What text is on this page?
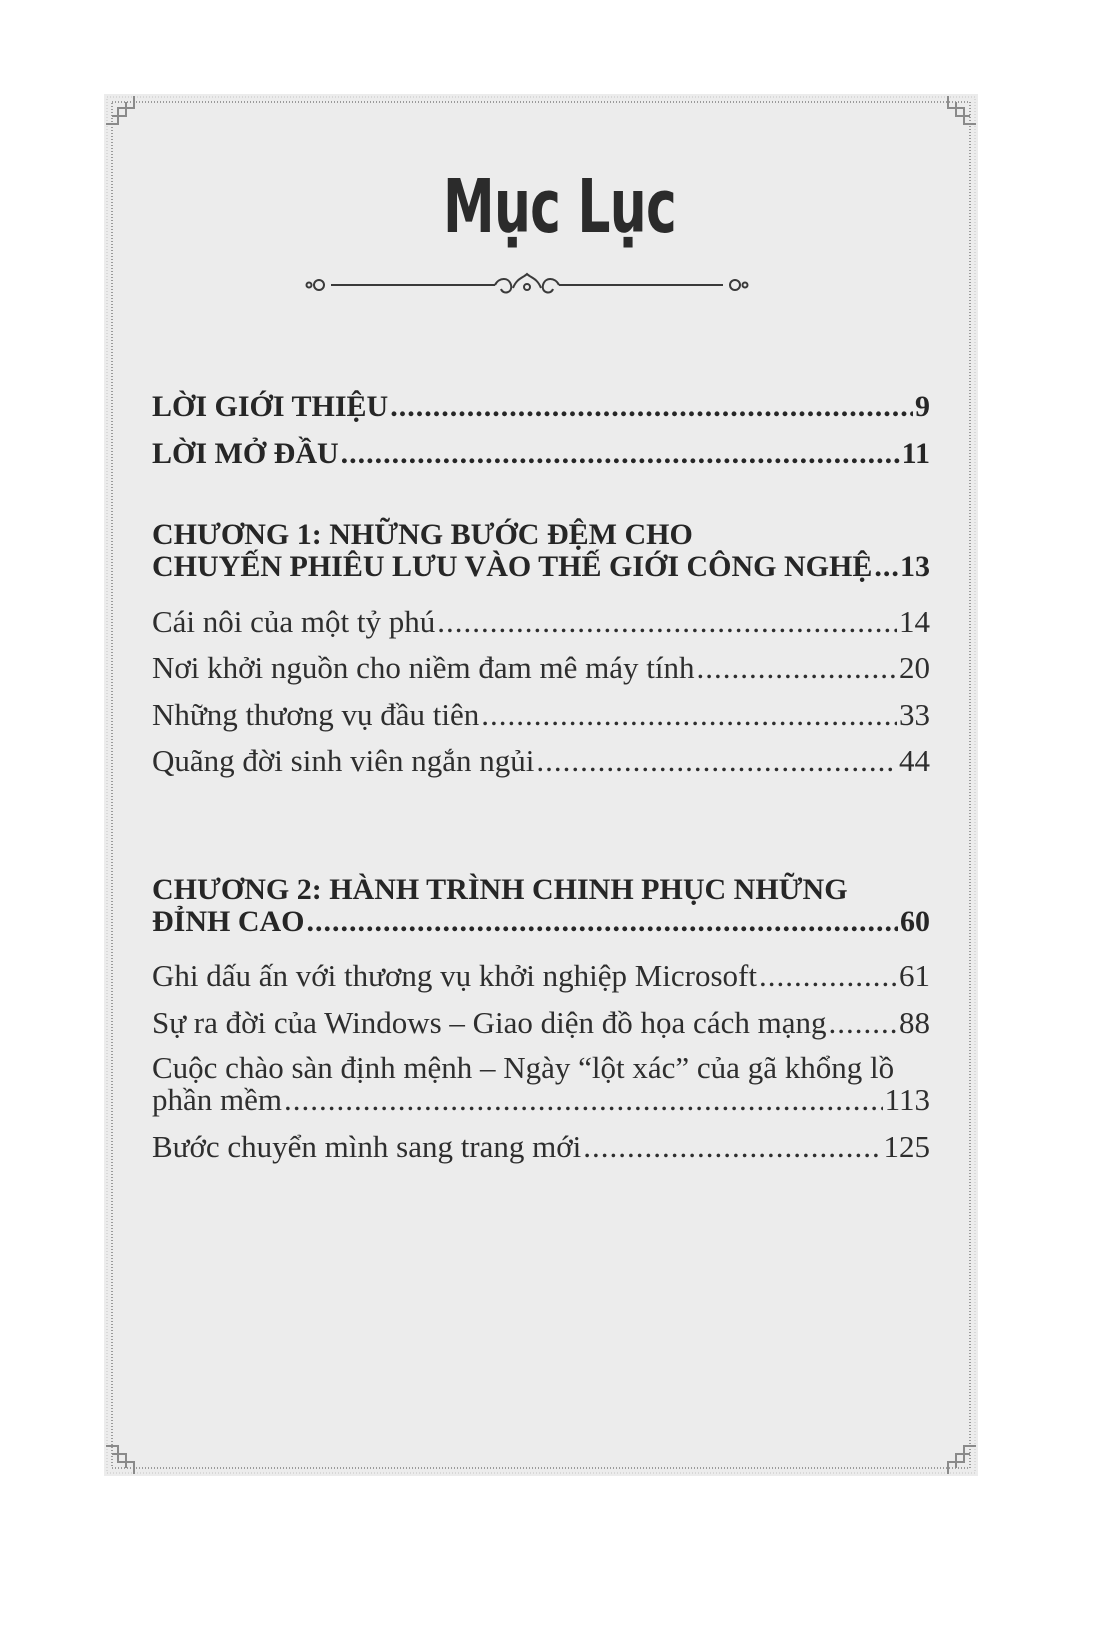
Mục Lục
LỜI GIỚI THIỆU .....	9
LỜI MỞ ĐẦU .....	11
CHƯƠNG 1: NHỮNG BƯỚC ĐỆM CHO
CHUYẾN PHIÊU LƯU VÀO THẾ GIỚI CÔNG NGHỆ ..... 13
Cái nôi của một tỷ phú .....	14
Nơi khởi nguồn cho niềm đam mê máy tính .....	20
Những thương vụ đầu tiên .....	33
Quãng đời sinh viên ngắn ngủi .....	44
CHƯƠNG 2: HÀNH TRÌNH CHINH PHỤC NHỮNG
ĐỈNH CAO .....	60
Ghi dấu ấn với thương vụ khởi nghiệp Microsoft .....	61
Sự ra đời của Windows – Giao diện đồ họa cách mạng ..... 88
Cuộc chào sàn định mệnh – Ngày “lột xác” của gã khổng lồ
phần mềm .....	113
Bước chuyển mình sang trang mới .....	125
